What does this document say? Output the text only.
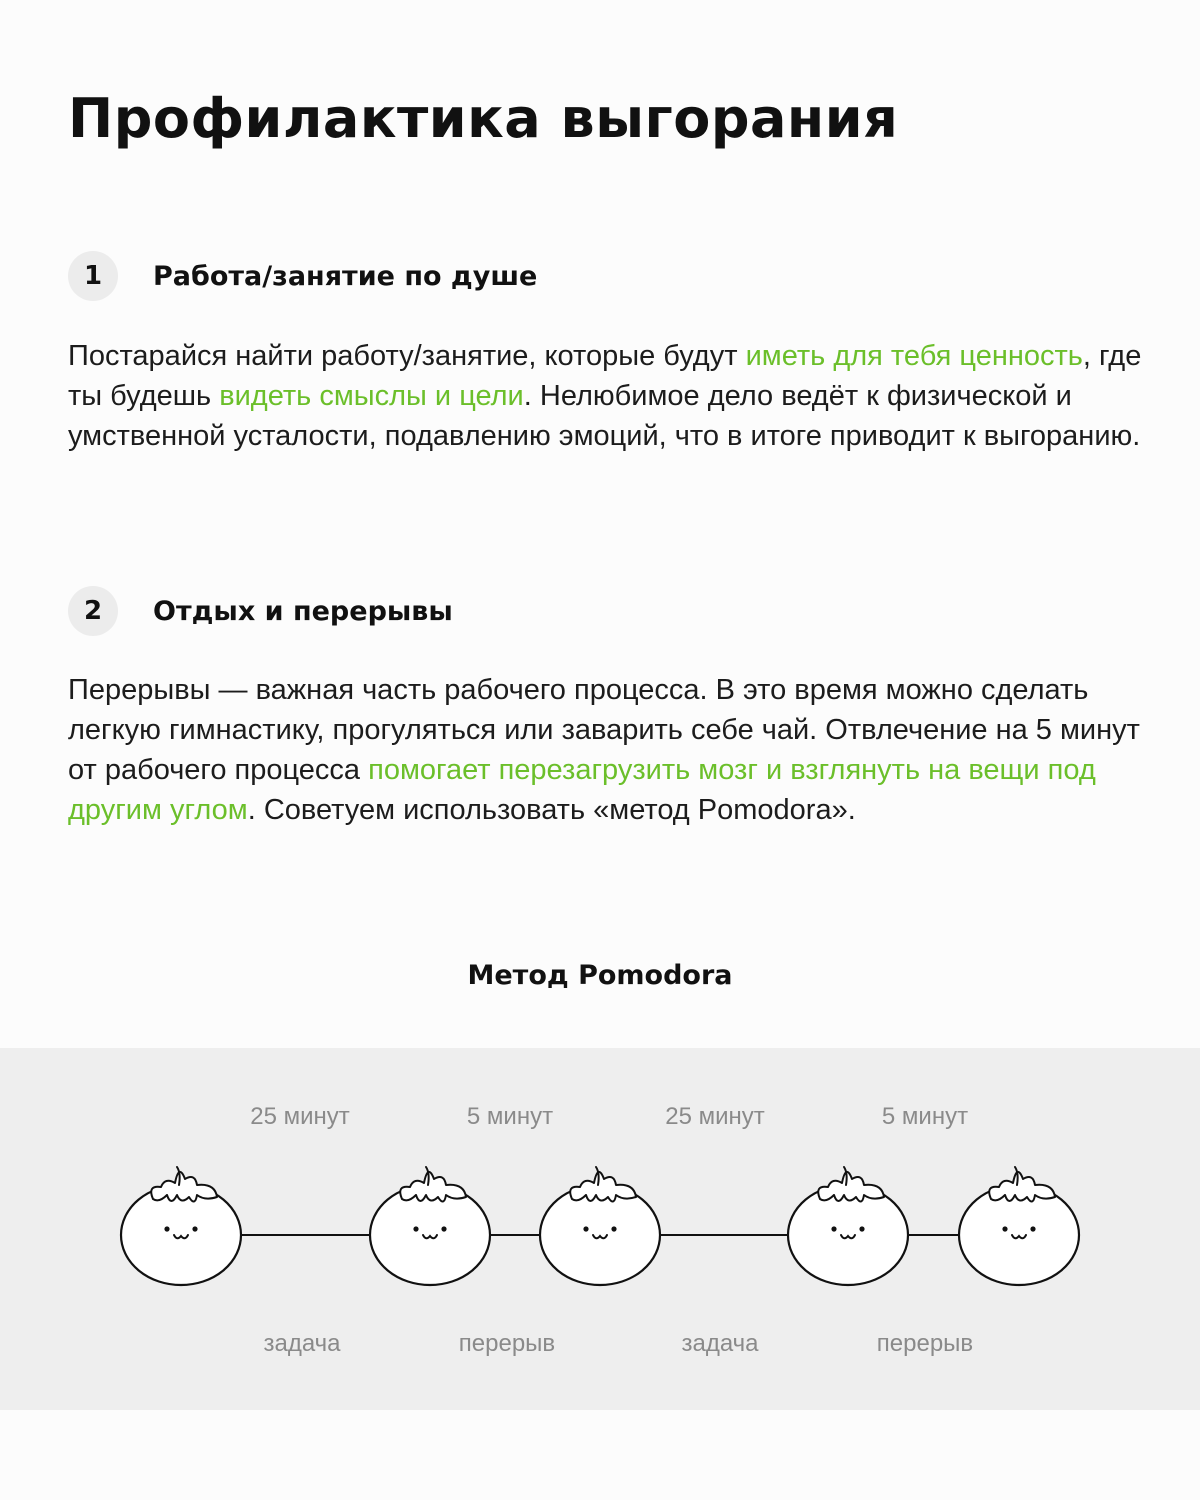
Профилактика выгорания
1	Работа/занятие по душе

Постарайся найти работу/занятие, которые будут иметь для тебя ценность, где ты будешь видеть смыслы и цели. Нелюбимое дело ведёт к физической и умственной усталости, подавлению эмоций, что в итоге приводит к выгоранию.

2	Отдых и перерывы

Перерывы — важная часть рабочего процесса. В это время можно сделать легкую гимнастику, прогуляться или заварить себе чай. Отвлечение на 5 минут от рабочего процесса помогает перезагрузить мозг и взглянуть на вещи под другим углом. Советуем использовать «метод Pomodora».

Метод Pomodora
25 минут	5 минут	25 минут	5 минут
задача	перерыв	задача	перерыв
